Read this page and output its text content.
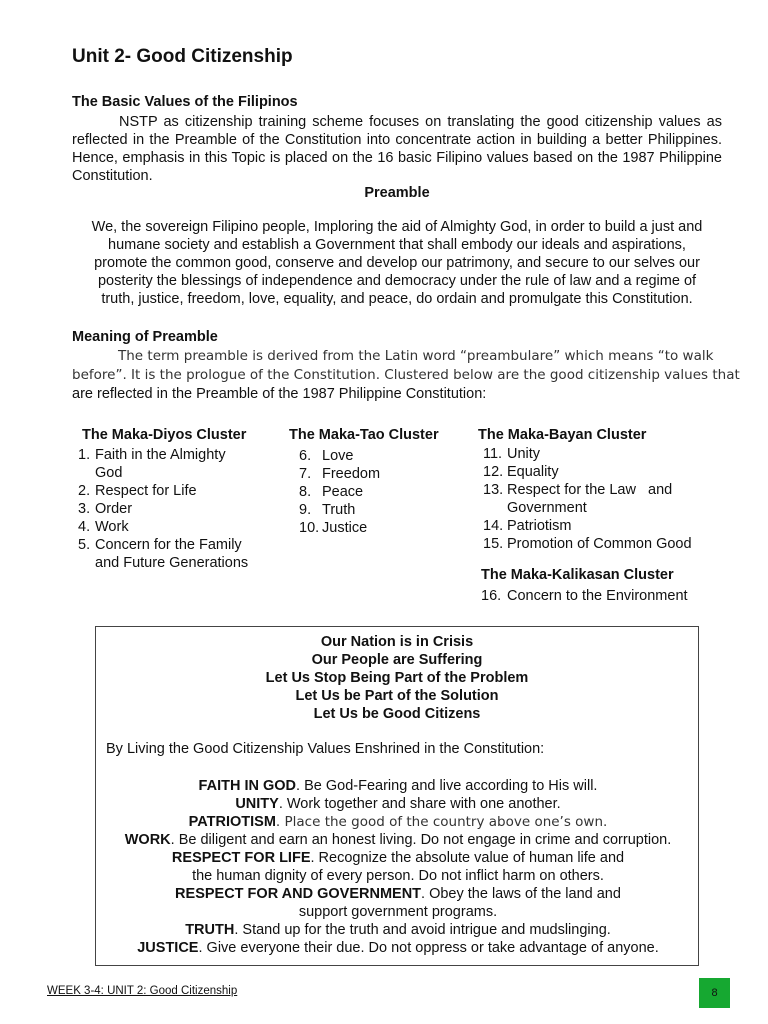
Unit 2- Good Citizenship
The Basic Values of the Filipinos
NSTP as citizenship training scheme focuses on translating the good citizenship values as
reflected in the Preamble of the Constitution into concentrate action in building a better Philippines. Hence, emphasis in this Topic is placed on the 16 basic Filipino values based on the 1987 Philippine Constitution.
Preamble
We, the sovereign Filipino people, Imploring the aid of Almighty God, in order to build a just and
humane society and establish a Government that shall embody our ideals and aspirations,
promote the common good, conserve and develop our patrimony, and secure to our selves our
posterity the blessings of independence and democracy under the rule of law and a regime of
truth, justice, freedom, love, equality, and peace, do ordain and promulgate this Constitution.
Meaning of Preamble
The term preamble is derived from the Latin word “preambulare” which means “to walk
before”. It is the prologue of the Constitution. Clustered below are the good citizenship values that
are reflected in the Preamble of the 1987 Philippine Constitution:
The Maka-Diyos Cluster
1. Faith in the Almighty God
2. Respect for Life
3. Order
4. Work
5. Concern for the Family and Future Generations
The Maka-Tao Cluster
6. Love
7. Freedom
8. Peace
9. Truth
10. Justice
The Maka-Bayan Cluster
11. Unity
12. Equality
13. Respect for the Law   and Government
14. Patriotism
15. Promotion of Common Good
The Maka-Kalikasan Cluster
16. Concern to the Environment
Our Nation is in Crisis
Our People are Suffering
Let Us Stop Being Part of the Problem
Let Us be Part of the Solution
Let Us be Good Citizens
By Living the Good Citizenship Values Enshrined in the Constitution:
FAITH IN GOD. Be God-Fearing and live according to His will.
UNITY. Work together and share with one another.
PATRIOTISM. Place the good of the country above one’s own.
WORK. Be diligent and earn an honest living. Do not engage in crime and corruption.
RESPECT FOR LIFE. Recognize the absolute value of human life and the human dignity of every person. Do not inflict harm on others.
RESPECT FOR AND GOVERNMENT. Obey the laws of the land and support government programs.
TRUTH. Stand up for the truth and avoid intrigue and mudslinging.
JUSTICE. Give everyone their due. Do not oppress or take advantage of anyone.
WEEK 3-4: UNIT 2: Good Citizenship	8
